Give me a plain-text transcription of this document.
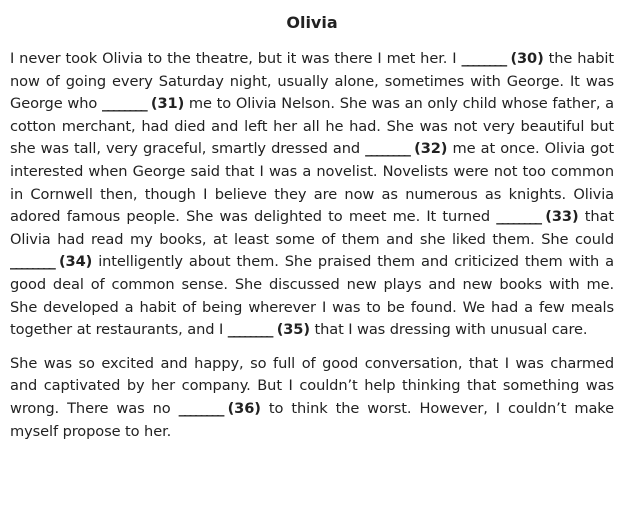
Olivia

I never took Olivia to the theatre, but it was there I met her. I ________ (30) the habit now of going every Saturday night, usually alone, sometimes with George. It was George who ________ (31) me to Olivia Nelson. She was an only child whose father, a cotton merchant, had died and left her all he had. She was not very beautiful but she was tall, very graceful, smartly dressed and ________ (32) me at once. Olivia got interested when George said that I was a novelist. Novelists were not too common in Cornwell then, though I believe they are now as numerous as knights. Olivia adored famous people. She was delighted to meet me. It turned ________ (33) that Olivia had read my books, at least some of them and she liked them. She could ________ (34) intelligently about them. She praised them and criticized them with a good deal of common sense. She discussed new plays and new books with me. She developed a habit of being wherever I was to be found. We had a few meals together at restaurants, and I ________ (35) that I was dressing with unusual care.

She was so excited and happy, so full of good conversation, that I was charmed and captivated by her company. But I couldn’t help thinking that something was wrong. There was no ________ (36) to think the worst. However, I couldn’t make myself propose to her.
